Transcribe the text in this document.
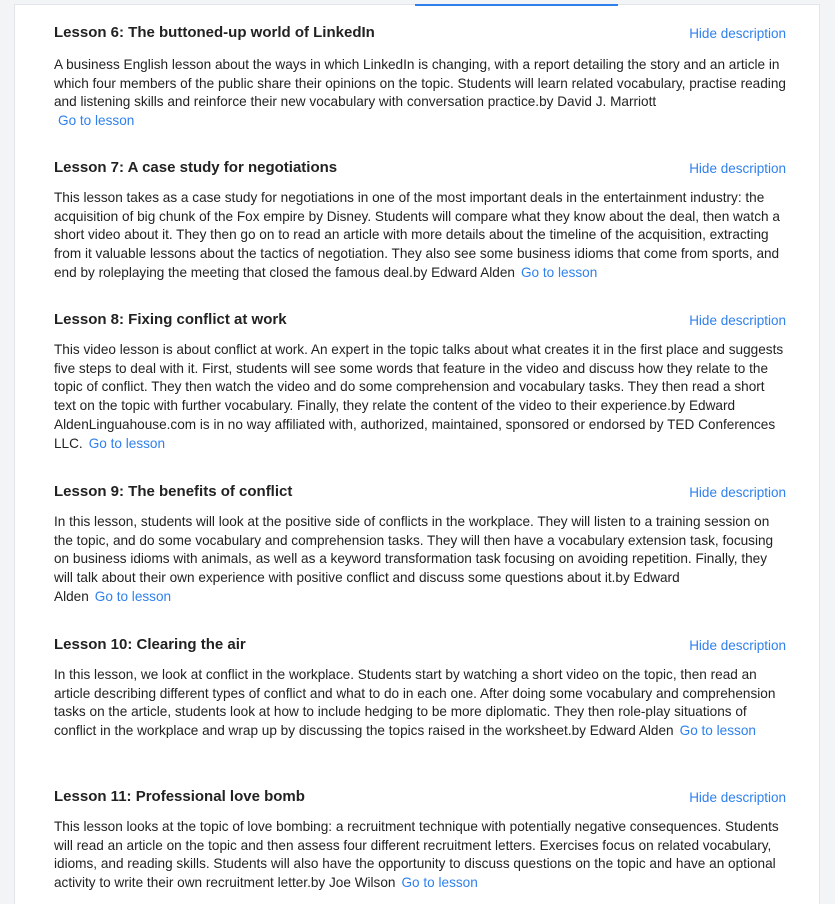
Lesson 6: The buttoned-up world of LinkedIn	Hide description
A business English lesson about the ways in which LinkedIn is changing, with a report detailing the story and an article in which four members of the public share their opinions on the topic. Students will learn related vocabulary, practise reading and listening skills and reinforce their new vocabulary with conversation practice.by David J. Marriott
Go to lesson
Lesson 7: A case study for negotiations	Hide description
This lesson takes as a case study for negotiations in one of the most important deals in the entertainment industry: the acquisition of big chunk of the Fox empire by Disney. Students will compare what they know about the deal, then watch a short video about it. They then go on to read an article with more details about the timeline of the acquisition, extracting from it valuable lessons about the tactics of negotiation. They also see some business idioms that come from sports, and end by roleplaying the meeting that closed the famous deal.by Edward Alden Go to lesson
Lesson 8: Fixing conflict at work	Hide description
This video lesson is about conflict at work. An expert in the topic talks about what creates it in the first place and suggests five steps to deal with it. First, students will see some words that feature in the video and discuss how they relate to the topic of conflict. They then watch the video and do some comprehension and vocabulary tasks. They then read a short text on the topic with further vocabulary. Finally, they relate the content of the video to their experience.by Edward AldenLinguahouse.com is in no way affiliated with, authorized, maintained, sponsored or endorsed by TED Conferences LLC. Go to lesson
Lesson 9: The benefits of conflict	Hide description
In this lesson, students will look at the positive side of conflicts in the workplace. They will listen to a training session on the topic, and do some vocabulary and comprehension tasks. They will then have a vocabulary extension task, focusing on business idioms with animals, as well as a keyword transformation task focusing on avoiding repetition. Finally, they will talk about their own experience with positive conflict and discuss some questions about it.by Edward Alden Go to lesson
Lesson 10: Clearing the air	Hide description
In this lesson, we look at conflict in the workplace. Students start by watching a short video on the topic, then read an article describing different types of conflict and what to do in each one. After doing some vocabulary and comprehension tasks on the article, students look at how to include hedging to be more diplomatic. They then role-play situations of conflict in the workplace and wrap up by discussing the topics raised in the worksheet.by Edward Alden Go to lesson
Lesson 11: Professional love bomb	Hide description
This lesson looks at the topic of love bombing: a recruitment technique with potentially negative consequences. Students will read an article on the topic and then assess four different recruitment letters. Exercises focus on related vocabulary, idioms, and reading skills. Students will also have the opportunity to discuss questions on the topic and have an optional activity to write their own recruitment letter.by Joe Wilson Go to lesson
